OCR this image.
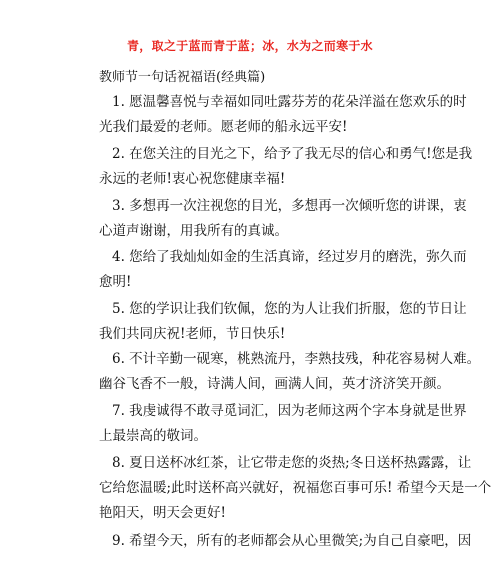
青，取之于蓝而青于蓝；冰，水为之而寒于水
教师节一句话祝福语(经典篇)
1. 愿温馨喜悦与幸福如同吐露芬芳的花朵洋溢在您欢乐的时
光我们最爱的老师。愿老师的船永远平安!
2. 在您关注的目光之下，给予了我无尽的信心和勇气!您是我
永远的老师!衷心祝您健康幸福!
3. 多想再一次注视您的目光，多想再一次倾听您的讲课，衷
心道声谢谢，用我所有的真诚。
4. 您给了我灿灿如金的生活真谛，经过岁月的磨洗，弥久而
愈明!
5. 您的学识让我们钦佩，您的为人让我们折服，您的节日让
我们共同庆祝!老师，节日快乐!
6. 不计辛勤一砚寒，桃熟流丹，李熟技残，种花容易树人难。
幽谷飞香不一般，诗满人间，画满人间，英才济济笑开颜。
7. 我虔诚得不敢寻觅词汇，因为老师这两个字本身就是世界
上最崇高的敬词。
8. 夏日送杯冰红茶，让它带走您的炎热;冬日送杯热露露，让
它给您温暖;此时送杯高兴就好，祝福您百事可乐! 希望今天是一个
艳阳天，明天会更好!
9. 希望今天，所有的老师都会从心里微笑;为自己自豪吧，因
